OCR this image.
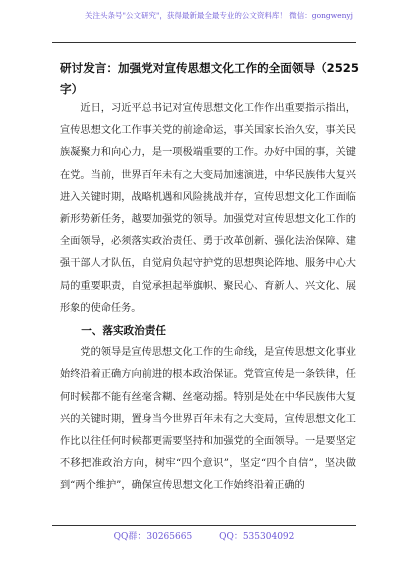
关注头条号"公文研究"，获得最新最全最专业的公文资料库！ 微信：gongwenyj
研讨发言：加强党对宣传思想文化工作的全面领导（2525字）

近日，习近平总书记对宣传思想文化工作作出重要指示指出，宣传思想文化工作事关党的前途命运，事关国家长治久安，事关民族凝聚力和向心力，是一项极端重要的工作。办好中国的事，关键在党。当前，世界百年未有之大变局加速演进，中华民族伟大复兴进入关键时期，战略机遇和风险挑战并存，宣传思想文化工作面临新形势新任务，越要加强党的领导。加强党对宣传思想文化工作的全面领导，必须落实政治责任、勇于改革创新、强化法治保障、建强干部人才队伍，自觉肩负起守护党的思想舆论阵地、服务中心大局的重要职责，自觉承担起举旗帜、聚民心、育新人、兴文化、展形象的使命任务。

一、落实政治责任

党的领导是宣传思想文化工作的生命线，是宣传思想文化事业始终沿着正确方向前进的根本政治保证。党管宣传是一条铁律，任何时候都不能有丝毫含糊、丝毫动摇。特别是处在中华民族伟大复兴的关键时期，置身当今世界百年未有之大变局，宣传思想文化工作比以往任何时候都更需要坚持和加强党的全面领导。一是要坚定不移把准政治方向，树牢“四个意识”，坚定“四个自信”，坚决做到“两个维护”，确保宣传思想文化工作始终沿着正确的

QQ群：30265665	QQ：535304092
